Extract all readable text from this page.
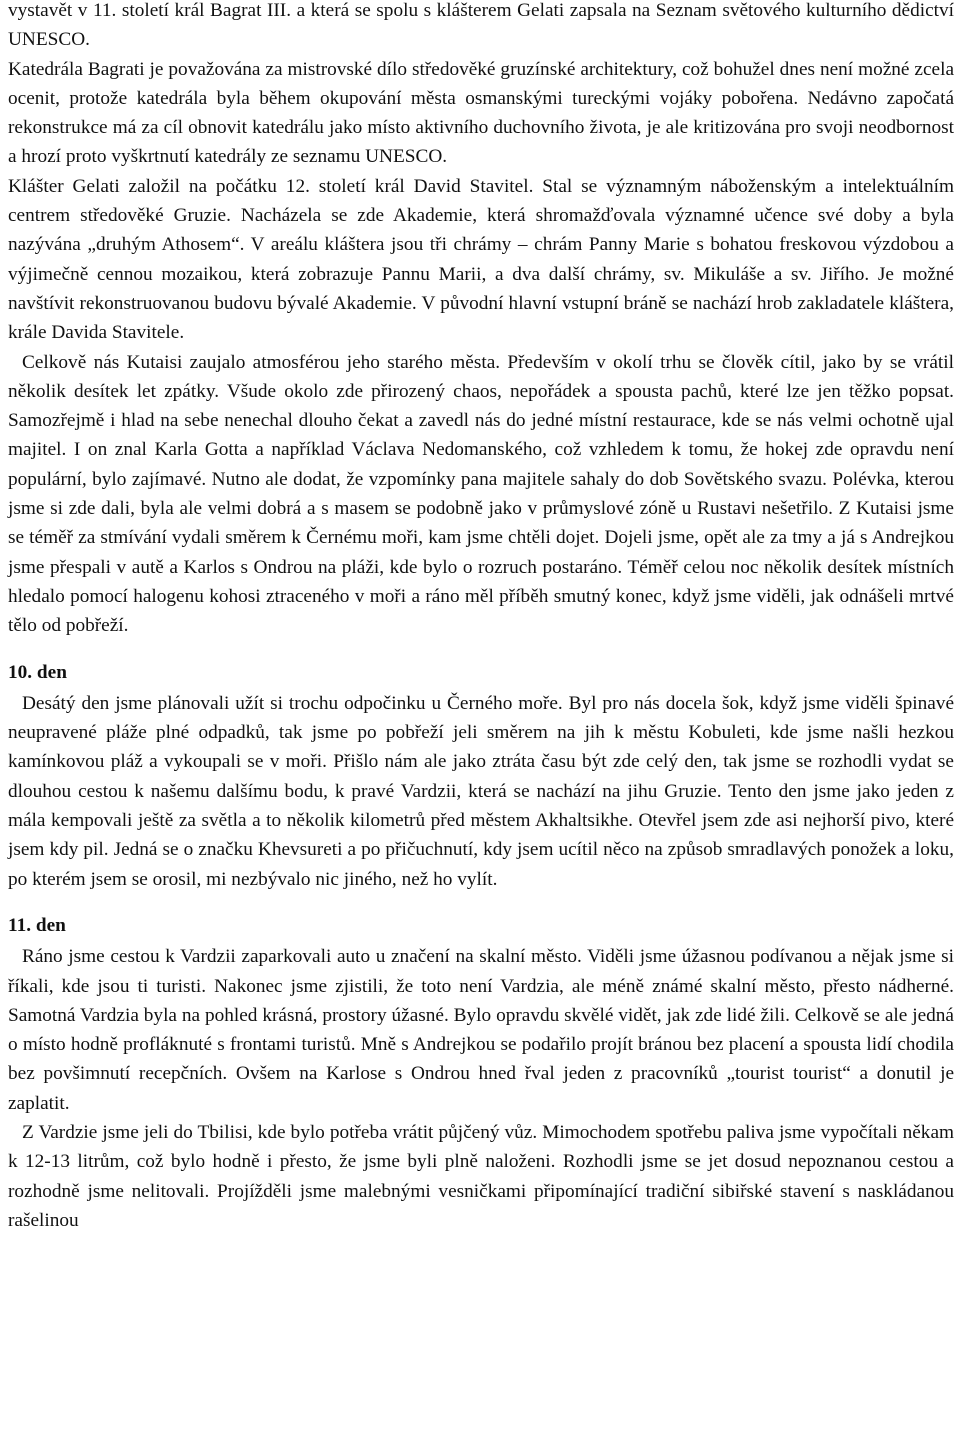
vystavět v 11. století král Bagrat III. a která se spolu s klášterem Gelati zapsala na Seznam světového kulturního dědictví UNESCO.

Katedrála Bagrati je považována za mistrovské dílo středověké gruzínské architektury, což bohužel dnes není možné zcela ocenit, protože katedrála byla během okupování města osmanskými tureckými vojáky pobořena. Nedávno započatá rekonstrukce má za cíl obnovit katedrálu jako místo aktivního duchovního života, je ale kritizována pro svoji neodbornost a hrozí proto vyškrtnutí katedrály ze seznamu UNESCO.

Klášter Gelati založil na počátku 12. století král David Stavitel. Stal se významným náboženským a intelektuálním centrem středověké Gruzie. Nacházela se zde Akademie, která shromažďovala významné učence své doby a byla nazývána „druhým Athosem“. V areálu kláštera jsou tři chrámy – chrám Panny Marie s bohatou freskovou výzdobou a výjimečně cennou mozaikou, která zobrazuje Pannu Marii, a dva další chrámy, sv. Mikuláše a sv. Jiřího. Je možné navštívit rekonstruovanou budovu bývalé Akademie. V původní hlavní vstupní bráně se nachází hrob zakladatele kláštera, krále Davida Stavitele.

Celkově nás Kutaisi zaujalo atmosférou jeho starého města. Především v okolí trhu se člověk cítil, jako by se vrátil několik desítek let zpátky. Všude okolo zde přirozený chaos, nepořádek a spousta pachů, které lze jen těžko popsat. Samozřejmě i hlad na sebe nenechal dlouho čekat a zavedl nás do jedné místní restaurace, kde se nás velmi ochotně ujal majitel. I on znal Karla Gotta a například Václava Nedomanského, což vzhledem k tomu, že hokej zde opravdu není populární, bylo zajímavé. Nutno ale dodat, že vzpomínky pana majitele sahaly do dob Sovětského svazu. Polévka, kterou jsme si zde dali, byla ale velmi dobrá a s masem se podobně jako v průmyslové zóně u Rustavi nešetřilo. Z Kutaisi jsme se téměř za stmívání vydali směrem k Černému moři, kam jsme chtěli dojet. Dojeli jsme, opět ale za tmy a já s Andrejkou jsme přespali v autě a Karlos s Ondrou na pláži, kde bylo o rozruch postaráno. Téměř celou noc několik desítek místních hledalo pomocí halogenu kohosi ztraceného v moři a ráno měl příběh smutný konec, když jsme viděli, jak odnášeli mrtvé tělo od pobřeží.

10. den

Desátý den jsme plánovali užít si trochu odpočinku u Černého moře. Byl pro nás docela šok, když jsme viděli špinavé neupravené pláže plné odpadků, tak jsme po pobřeží jeli směrem na jih k městu Kobuleti, kde jsme našli hezkou kamínkovou pláž a vykoupali se v moři. Přišlo nám ale jako ztráta času být zde celý den, tak jsme se rozhodli vydat se dlouhou cestou k našemu dalšímu bodu, k pravé Vardzii, která se nachází na jihu Gruzie. Tento den jsme jako jeden z mála kempovali ještě za světla a to několik kilometrů před městem Akhaltsikhe. Otevřel jsem zde asi nejhorší pivo, které jsem kdy pil. Jedná se o značku Khevsureti a po přičuchnutí, kdy jsem ucítil něco na způsob smradlavých ponožek a loku, po kterém jsem se orosil, mi nezbývalo nic jiného, než ho vylít.

11. den

Ráno jsme cestou k Vardzii zaparkovali auto u značení na skalní město. Viděli jsme úžasnou podívanou a nějak jsme si říkali, kde jsou ti turisti. Nakonec jsme zjistili, že toto není Vardzia, ale méně známé skalní město, přesto nádherné. Samotná Vardzia byla na pohled krásná, prostory úžasné. Bylo opravdu skvělé vidět, jak zde lidé žili. Celkově se ale jedná o místo hodně profláknuté s frontami turistů. Mně s Andrejkou se podařilo projít bránou bez placení a spousta lidí chodila bez povšimnutí recepčních. Ovšem na Karlose s Ondrou hned řval jeden z pracovníků „tourist tourist“ a donutil je zaplatit.

Z Vardzie jsme jeli do Tbilisi, kde bylo potřeba vrátit půjčený vůz. Mimochodem spotřebu paliva jsme vypočítali někam k 12-13 litrům, což bylo hodně i přesto, že jsme byli plně naloženi. Rozhodli jsme se jet dosud nepoznanou cestou a rozhodně jsme nelitovali. Projížděli jsme malebnými vesničkami připomínající tradiční sibiřské stavení s naskládanou rašelinou
